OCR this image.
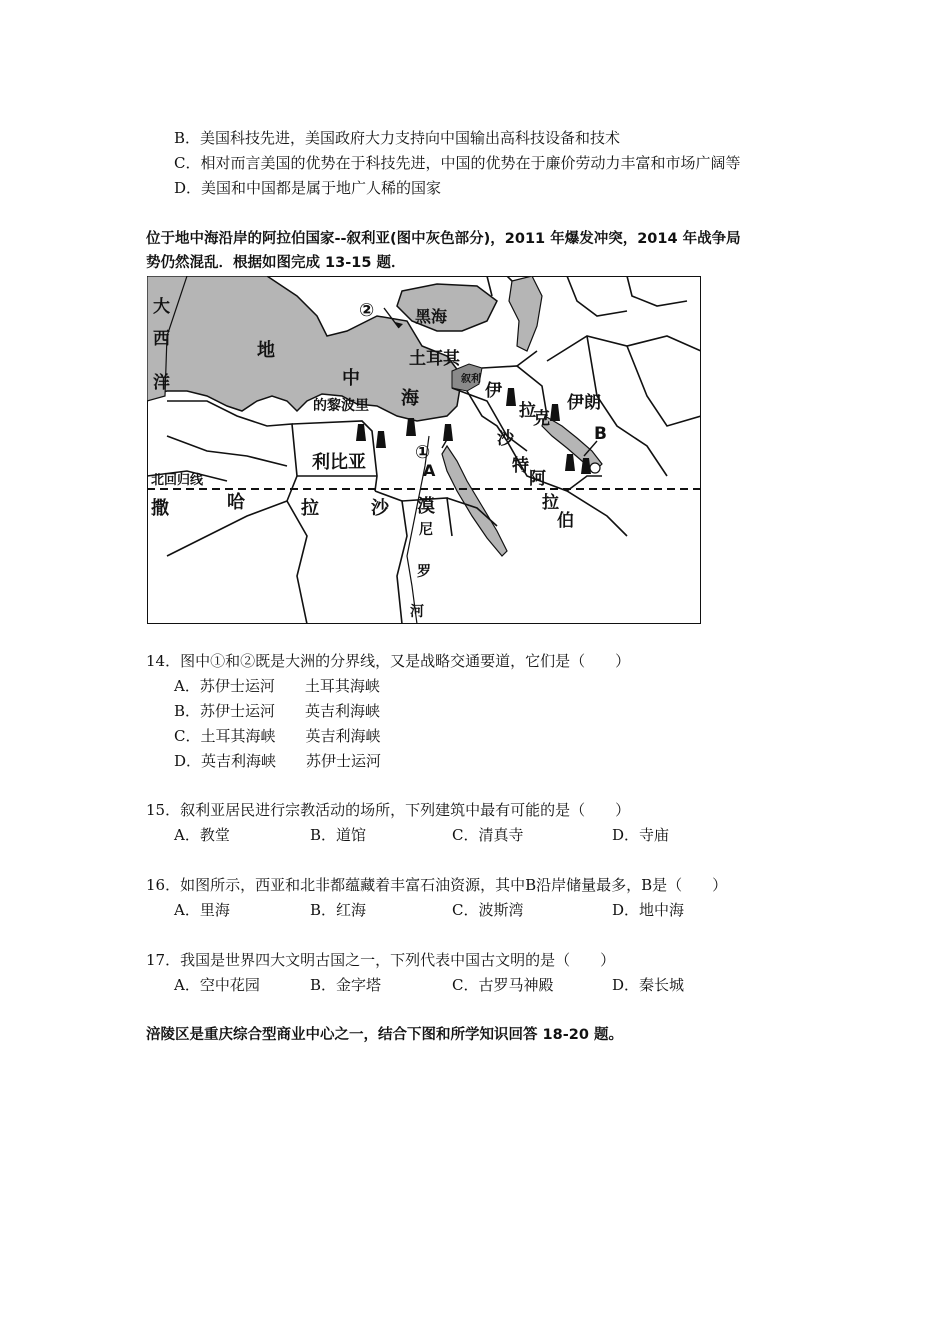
B．美国科技先进，美国政府大力支持向中国输出高科技设备和技术
C．相对而言美国的优势在于科技先进，中国的优势在于廉价劳动力丰富和市场广阔等
D．美国和中国都是属于地广人稀的国家
位于地中海沿岸的阿拉伯国家--叙利亚(图中灰色部分)，2011 年爆发冲突，2014 年战争局
势仍然混乱．根据如图完成 13-15 题．
大
西
洋
地
中
海
的黎波里
黑海
土耳其
叙利
伊
拉
克
伊朗
沙
特
阿
拉
伯
利比亚
北回归线
撒	哈	拉	沙 漠
尼
罗
河
②
①
A
B
14．图中①和②既是大洲的分界线，又是战略交通要道，它们是（　　）
A．苏伊士运河　　土耳其海峡
B．苏伊士运河　　英吉利海峡
C．土耳其海峡　　英吉利海峡
D．英吉利海峡　　苏伊士运河
15．叙利亚居民进行宗教活动的场所，下列建筑中最有可能的是（　　）
A．教堂	B．道馆	C．清真寺	D．寺庙
16．如图所示，西亚和北非都蕴藏着丰富石油资源，其中B沿岸储量最多，B是（　　）
A．里海	B．红海	C．波斯湾	D．地中海
17．我国是世界四大文明古国之一，下列代表中国古文明的是（　　）
A．空中花园	B．金字塔	C．古罗马神殿	D．秦长城
涪陵区是重庆综合型商业中心之一，结合下图和所学知识回答 18-20 题。
